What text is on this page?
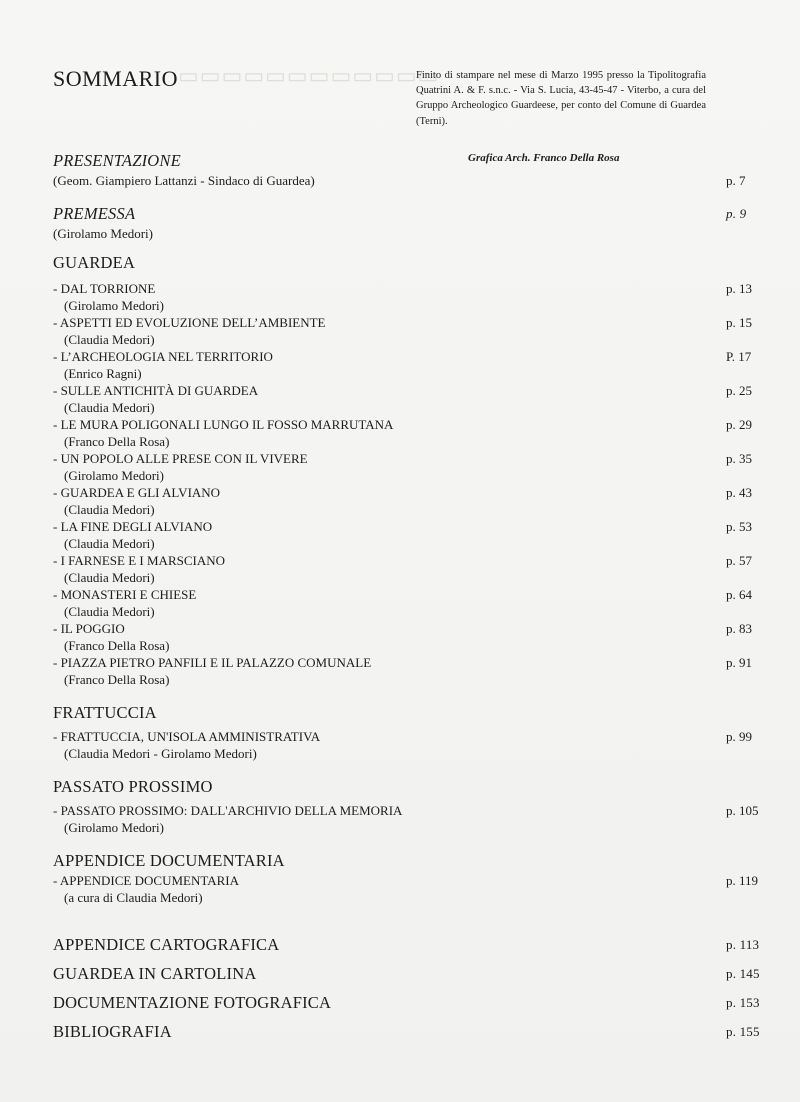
▭▭▭▭▭▭▭▭▭▭▭▭
SOMMARIO	Finito di stampare nel mese di Marzo 1995 presso la Tipolitografia Quatrini A. & F. s.n.c. - Via S. Lucia, 43-45-47 - Viterbo, a cura del Gruppo Archeologico Guardeese, per conto del Comune di Guardea (Terni).
Grafica Arch. Franco Della Rosa
PRESENTAZIONE
(Geom. Giampiero Lattanzi - Sindaco di Guardea)	p. 7
PREMESSA	p. 9
(Girolamo Medori)
GUARDEA
- DAL TORRIONE	p. 13
(Girolamo Medori)
- ASPETTI ED EVOLUZIONE DELL’AMBIENTE	p. 15
(Claudia Medori)
- L’ARCHEOLOGIA NEL TERRITORIO	P. 17
(Enrico Ragni)
- SULLE ANTICHITÀ DI GUARDEA	p. 25
(Claudia Medori)
- LE MURA POLIGONALI LUNGO IL FOSSO MARRUTANA	p. 29
(Franco Della Rosa)
- UN POPOLO ALLE PRESE CON IL VIVERE	p. 35
(Girolamo Medori)
- GUARDEA E GLI ALVIANO	p. 43
(Claudia Medori)
- LA FINE DEGLI ALVIANO	p. 53
(Claudia Medori)
- I FARNESE E I MARSCIANO	p. 57
(Claudia Medori)
- MONASTERI E CHIESE	p. 64
(Claudia Medori)
- IL POGGIO	p. 83
(Franco Della Rosa)
- PIAZZA PIETRO PANFILI E IL PALAZZO COMUNALE	p. 91
(Franco Della Rosa)
FRATTUCCIA
- FRATTUCCIA, UN'ISOLA AMMINISTRATIVA	p. 99
(Claudia Medori - Girolamo Medori)
PASSATO PROSSIMO
- PASSATO PROSSIMO: DALL'ARCHIVIO DELLA MEMORIA	p. 105
(Girolamo Medori)
APPENDICE DOCUMENTARIA
- APPENDICE DOCUMENTARIA	p. 119
(a cura di Claudia Medori)
APPENDICE CARTOGRAFICA	p. 113
GUARDEA IN CARTOLINA	p. 145
DOCUMENTAZIONE FOTOGRAFICA	p. 153
BIBLIOGRAFIA	p. 155
